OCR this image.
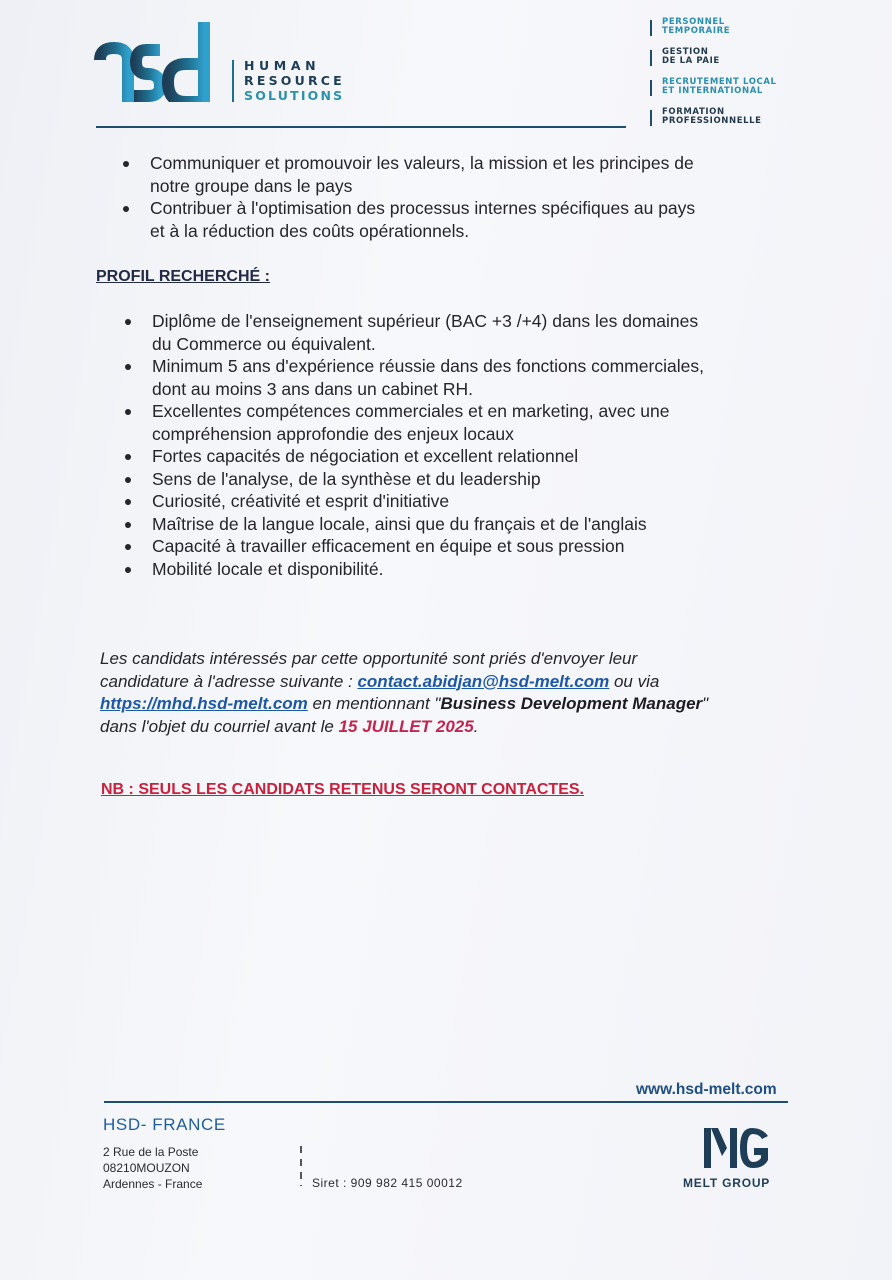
HUMAN
RESOURCE
SOLUTIONS
PERSONNEL
TEMPORAIRE
GESTION
DE LA PAIE
RECRUTEMENT LOCAL
ET INTERNATIONAL
FORMATION
PROFESSIONNELLE
Communiquer et promouvoir les valeurs, la mission et les principes de
notre groupe dans le pays
Contribuer à l'optimisation des processus internes spécifiques au pays
et à la réduction des coûts opérationnels.
PROFIL RECHERCHÉ :
Diplôme de l'enseignement supérieur (BAC +3 /+4) dans les domaines
du Commerce ou équivalent.
Minimum 5 ans d'expérience réussie dans des fonctions commerciales,
dont au moins 3 ans dans un cabinet RH.
Excellentes compétences commerciales et en marketing, avec une
compréhension approfondie des enjeux locaux
Fortes capacités de négociation et excellent relationnel
Sens de l'analyse, de la synthèse et du leadership
Curiosité, créativité et esprit d'initiative
Maîtrise de la langue locale, ainsi que du français et de l'anglais
Capacité à travailler efficacement en équipe et sous pression
Mobilité locale et disponibilité.
Les candidats intéressés par cette opportunité sont priés d'envoyer leur
candidature à l'adresse suivante : contact.abidjan@hsd-melt.com ou via
https://mhd.hsd-melt.com en mentionnant "Business Development Manager"
dans l'objet du courriel avant le 15 JUILLET 2025.
NB : SEULS LES CANDIDATS RETENUS SERONT CONTACTES.
www.hsd-melt.com
HSD- FRANCE
2 Rue de la Poste
08210MOUZON
Ardennes - France	Siret : 909 982 415 00012	MELT GROUP
